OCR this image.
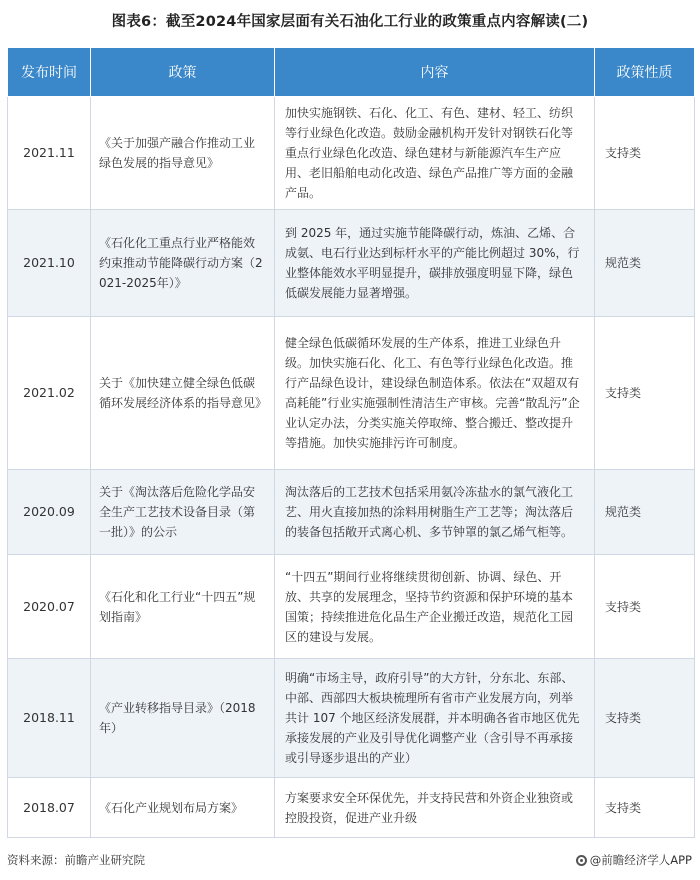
图表6：截至2024年国家层面有关石油化工行业的政策重点内容解读(二)
发布时间	政策	内容	政策性质
2021.11	《关于加强产融合作推动工业绿色发展的指导意见》	加快实施钢铁、石化、化工、有色、建材、轻工、纺织等行业绿色化改造。鼓励金融机构开发针对钢铁石化等重点行业绿色化改造、绿色建材与新能源汽车生产应用、老旧船舶电动化改造、绿色产品推广等方面的金融产品。	支持类
2021.10	《石化化工重点行业严格能效约束推动节能降碳行动方案（2021-2025年）》	到 2025 年，通过实施节能降碳行动，炼油、乙烯、合成氨、电石行业达到标杆水平的产能比例超过 30%，行业整体能效水平明显提升，碳排放强度明显下降，绿色低碳发展能力显著增强。	规范类
2021.02	关于《加快建立健全绿色低碳循环发展经济体系的指导意见》	健全绿色低碳循环发展的生产体系，推进工业绿色升级。加快实施石化、化工、有色等行业绿色化改造。推行产品绿色设计，建设绿色制造体系。依法在“双超双有高耗能”行业实施强制性清洁生产审核。完善“散乱污”企业认定办法，分类实施关停取缔、整合搬迁、整改提升等措施。加快实施排污许可制度。	支持类
2020.09	关于《淘汰落后危险化学品安全生产工艺技术设备目录（第一批）》的公示	淘汰落后的工艺技术包括采用氨冷冻盐水的氯气液化工艺、用火直接加热的涂料用树脂生产工艺等；淘汰落后的装备包括敞开式离心机、多节钟罩的氯乙烯气柜等。	规范类
2020.07	《石化和化工行业“十四五”规划指南》	“十四五”期间行业将继续贯彻创新、协调、绿色、开放、共享的发展理念，坚持节约资源和保护环境的基本国策；持续推进危化品生产企业搬迁改造，规范化工园区的建设与发展。	支持类
2018.11	《产业转移指导目录》（2018年）	明确“市场主导，政府引导”的大方针，分东北、东部、中部、西部四大板块梳理所有省市产业发展方向，列举共计 107 个地区经济发展群，并本明确各省市地区优先承接发展的产业及引导优化调整产业（含引导不再承接或引导逐步退出的产业）	支持类
2018.07	《石化产业规划布局方案》	方案要求安全环保优先，并支持民营和外资企业独资或控股投资，促进产业升级	支持类
资料来源：前瞻产业研究院	@前瞻经济学人APP
